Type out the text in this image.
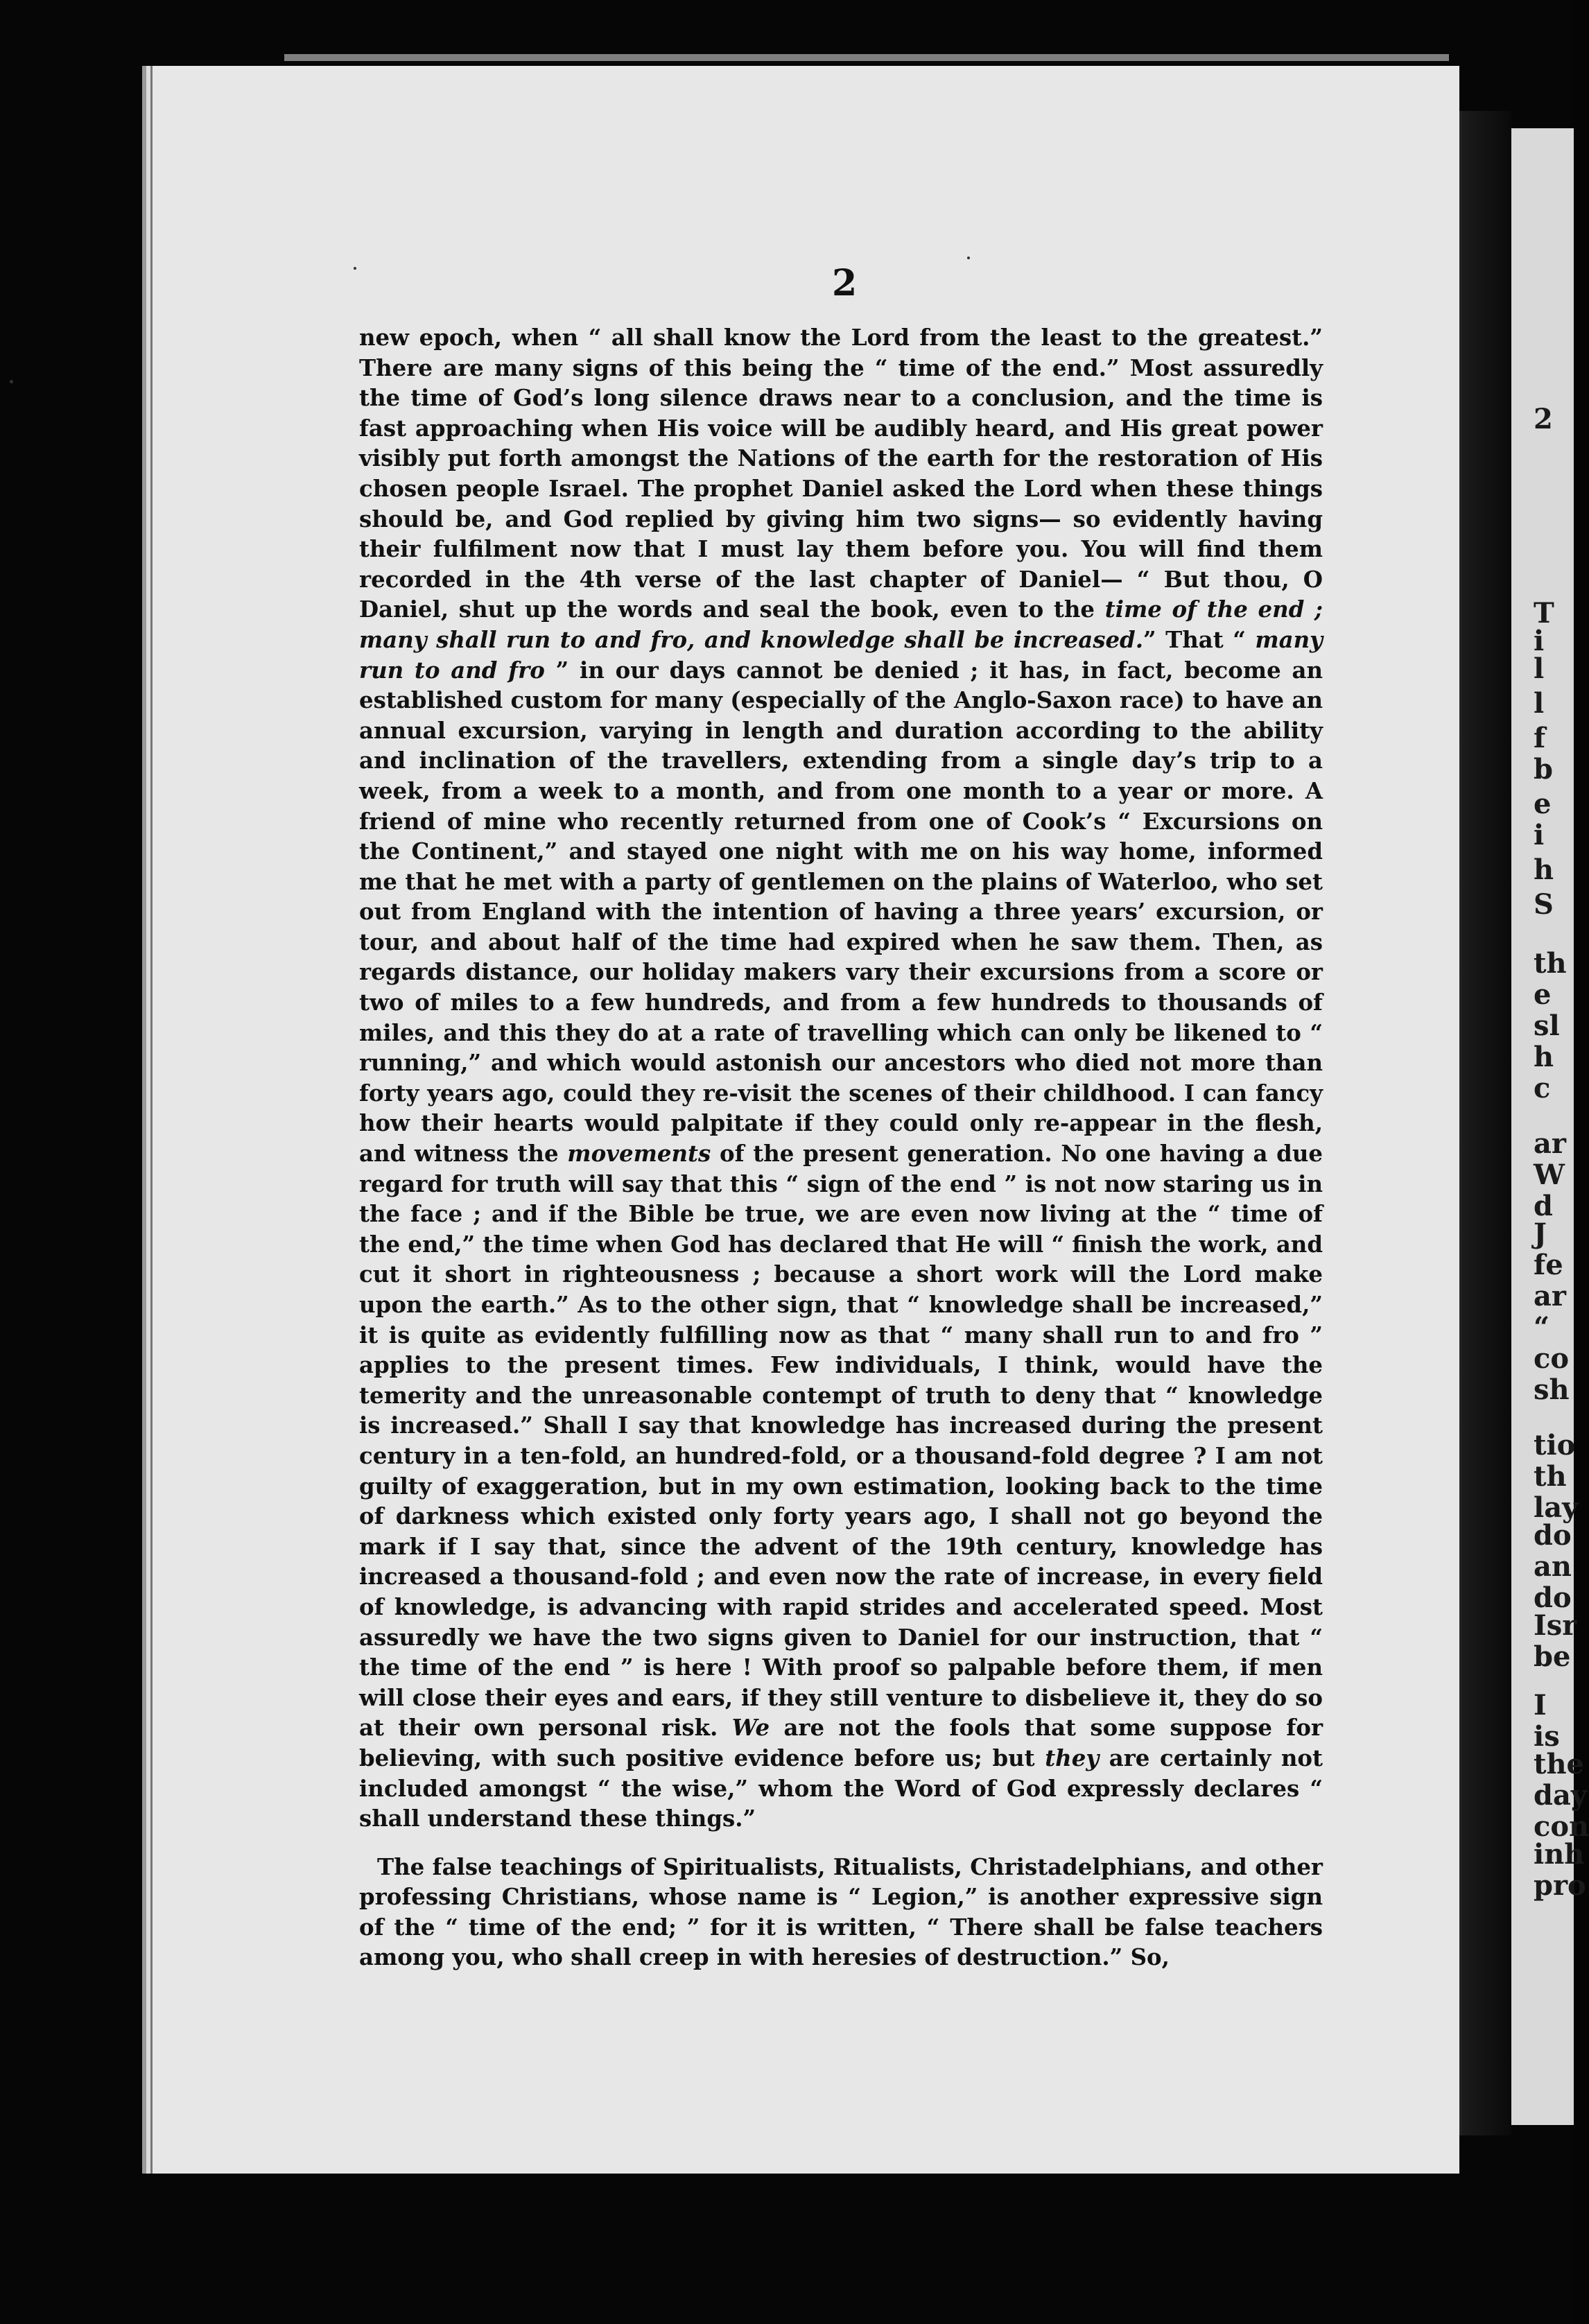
2
T
i
l
l
f
b
e
i
h
S
th
e
sl
h
c
ar
W
d
J
fe
ar
“
co
sh
tio
th
lay
do
an
do
Isr
be
I
is
the
day
con
inh
pro
2

new epoch, when “ all shall know the Lord from the least to the greatest.” There are many signs of this being the “ time of the end.” Most assuredly the time of God’s long silence draws near to a conclusion, and the time is fast approaching when His voice will be audibly heard, and His great power visibly put forth amongst the Nations of the earth for the restoration of His chosen people Israel. The prophet Daniel asked the Lord when these things should be, and God replied by giving him two signs— so evidently having their fulfilment now that I must lay them before you. You will find them recorded in the 4th verse of the last chapter of Daniel— “ But thou, O Daniel, shut up the words and seal the book, even to the time of the end ; many shall run to and fro, and knowledge shall be increased.” That “ many run to and fro ” in our days cannot be denied ; it has, in fact, become an established custom for many (especially of the Anglo-Saxon race) to have an annual excursion, varying in length and duration according to the ability and inclination of the travellers, extending from a single day’s trip to a week, from a week to a month, and from one month to a year or more. A friend of mine who recently returned from one of Cook’s “ Excursions on the Continent,” and stayed one night with me on his way home, informed me that he met with a party of gentlemen on the plains of Waterloo, who set out from England with the intention of having a three years’ excursion, or tour, and about half of the time had expired when he saw them. Then, as regards distance, our holiday makers vary their excursions from a score or two of miles to a few hundreds, and from a few hundreds to thousands of miles, and this they do at a rate of travelling which can only be likened to “ running,” and which would astonish our ancestors who died not more than forty years ago, could they re-visit the scenes of their childhood. I can fancy how their hearts would palpitate if they could only re-appear in the flesh, and witness the movements of the present generation. No one having a due regard for truth will say that this “ sign of the end ” is not now staring us in the face ; and if the Bible be true, we are even now living at the “ time of the end,” the time when God has declared that He will “ finish the work, and cut it short in righteousness ; because a short work will the Lord make upon the earth.” As to the other sign, that “ knowledge shall be increased,” it is quite as evidently fulfilling now as that “ many shall run to and fro ” applies to the present times. Few individuals, I think, would have the temerity and the unreasonable contempt of truth to deny that “ knowledge is increased.” Shall I say that knowledge has increased during the present century in a ten-fold, an hundred-fold, or a thousand-fold degree ? I am not guilty of exaggeration, but in my own estimation, looking back to the time of darkness which existed only forty years ago, I shall not go beyond the mark if I say that, since the advent of the 19th century, knowledge has increased a thousand-fold ; and even now the rate of increase, in every field of knowledge, is advancing with rapid strides and accelerated speed. Most assuredly we have the two signs given to Daniel for our instruction, that “ the time of the end ” is here ! With proof so palpable before them, if men will close their eyes and ears, if they still venture to disbelieve it, they do so at their own personal risk. We are not the fools that some suppose for believing, with such positive evidence before us; but they are certainly not included amongst “ the wise,” whom the Word of God expressly declares “ shall understand these things.”

The false teachings of Spiritualists, Ritualists, Christadelphians, and other professing Christians, whose name is “ Legion,” is another expressive sign of the “ time of the end; ” for it is written, “ There shall be false teachers among you, who shall creep in with heresies of destruction.” So,
